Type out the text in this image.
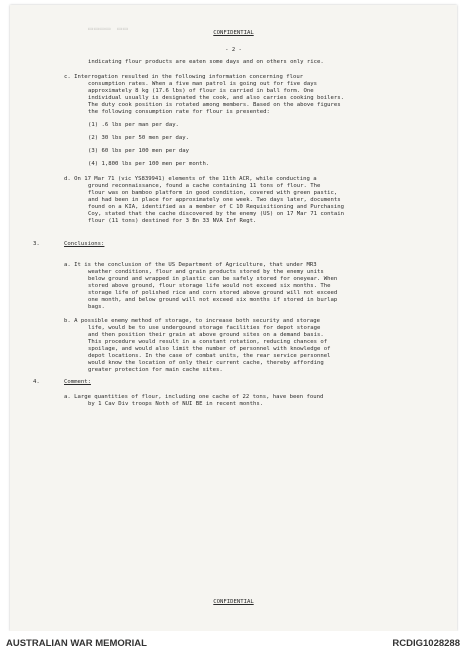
▭▭▭▭ ▭▭	CONFIDENTIAL
- 2 -
indicating flour products are eaten some days and on others only rice.
c. Interrogation resulted in the following information concerning flour
consumption rates. When a five man patrol is going out for five days
approximately 8 kg (17.6 lbs) of flour is carried in ball form. One
individual usually is designated the cook, and also carries cooking boilers.
The duty cook position is rotated among members. Based on the above figures
the following consumption rate for flour is presented:
(1) .6 lbs per man per day.
(2) 30 lbs per 50 men per day.
(3) 60 lbs per 100 men per day
(4) 1,800 lbs per 100 men per month.
d. On 17 Mar 71 (vic YS839941) elements of the 11th ACR, while conducting a
ground reconnaissance, found a cache containing 11 tons of flour. The
flour was on bamboo platform in good condition, covered with green pastic,
and had been in place for approximately one week. Two days later, documents
found on a KIA, identified as a member of C 10 Requisitioning and Purchasing
Coy, stated that the cache discovered by the enemy (US) on 17 Mar 71 contain
flour (11 tons) destined for 3 Bn 33 NVA Inf Regt.
a. It is the conclusion of the US Department of Agriculture, that under MR3
weather conditions, flour and grain products stored by the enemy units
below ground and wrapped in plastic can be safely stored for oneyear. When
stored above ground, flour storage life would not exceed six months. The
storage life of polished rice and corn stored above ground will not exceed
one month, and below ground will not exceed six months if stored in burlap
bags.
b. A possible enemy method of storage, to increase both security and storage
life, would be to use undergound storage facilities for depot storage
and then position their grain at above ground sites on a demand basis.
This procedure would result in a constant rotation, reducing chances of
spoilage, and would also limit the number of personnel with knowledge of
depot locations. In the case of combat units, the rear service personnel
would know the location of only their current cache, thereby affording
greater protection for main cache sites.
a. Large quantities of flour, including one cache of 22 tons, have been found
by 1 Cav Div troops Noth of NUI BE in recent months.
3.	Conclusions:
4.	Comment:
CONFIDENTIAL
AUSTRALIAN WAR MEMORIAL	RCDIG1028288
